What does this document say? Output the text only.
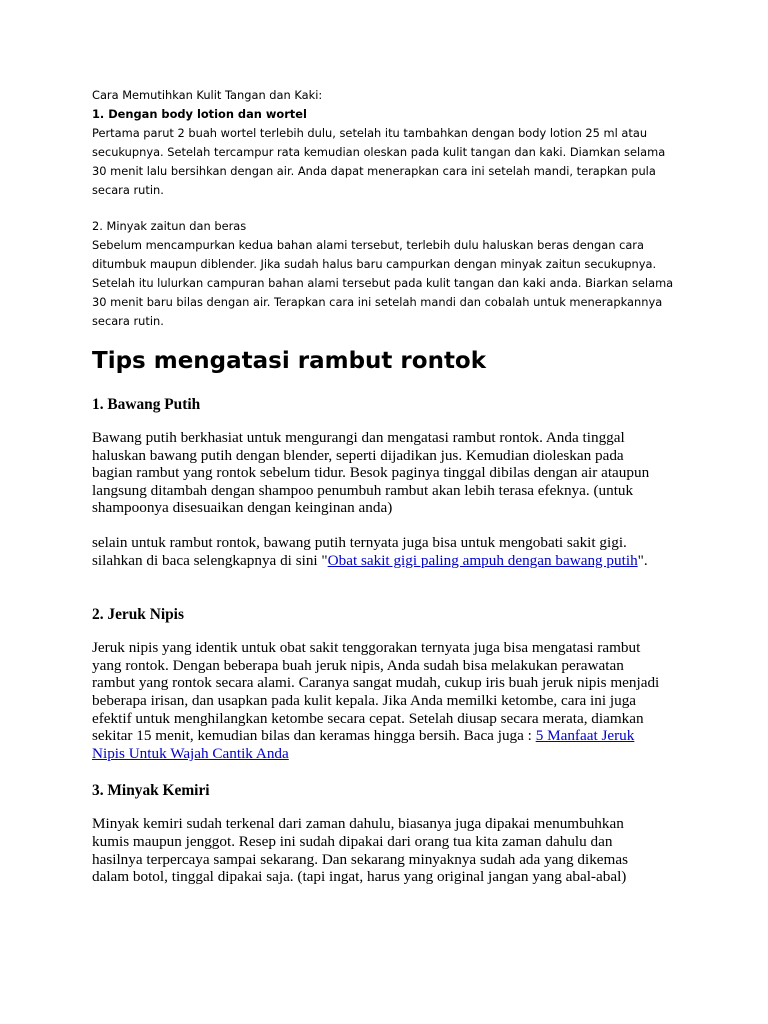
Cara Memutihkan Kulit Tangan dan Kaki:
1. Dengan body lotion dan wortel
Pertama parut 2 buah wortel terlebih dulu, setelah itu tambahkan dengan body lotion 25 ml atau
secukupnya. Setelah tercampur rata kemudian oleskan pada kulit tangan dan kaki. Diamkan selama
30 menit lalu bersihkan dengan air. Anda dapat menerapkan cara ini setelah mandi, terapkan pula
secara rutin.
2. Minyak zaitun dan beras
Sebelum mencampurkan kedua bahan alami tersebut, terlebih dulu haluskan beras dengan cara
ditumbuk maupun diblender. Jika sudah halus baru campurkan dengan minyak zaitun secukupnya.
Setelah itu lulurkan campuran bahan alami tersebut pada kulit tangan dan kaki anda. Biarkan selama
30 menit baru bilas dengan air. Terapkan cara ini setelah mandi dan cobalah untuk menerapkannya
secara rutin.
Tips mengatasi rambut rontok
1. Bawang Putih
Bawang putih berkhasiat untuk mengurangi dan mengatasi rambut rontok. Anda tinggal
haluskan bawang putih dengan blender, seperti dijadikan jus. Kemudian dioleskan pada
bagian rambut yang rontok sebelum tidur. Besok paginya tinggal dibilas dengan air ataupun
langsung ditambah dengan shampoo penumbuh rambut akan lebih terasa efeknya. (untuk
shampoonya disesuaikan dengan keinginan anda)
selain untuk rambut rontok, bawang putih ternyata juga bisa untuk mengobati sakit gigi.
silahkan di baca selengkapnya di sini "Obat sakit gigi paling ampuh dengan bawang putih".
2. Jeruk Nipis
Jeruk nipis yang identik untuk obat sakit tenggorakan ternyata juga bisa mengatasi rambut
yang rontok. Dengan beberapa buah jeruk nipis, Anda sudah bisa melakukan perawatan
rambut yang rontok secara alami. Caranya sangat mudah, cukup iris buah jeruk nipis menjadi
beberapa irisan, dan usapkan pada kulit kepala. Jika Anda memilki ketombe, cara ini juga
efektif untuk menghilangkan ketombe secara cepat. Setelah diusap secara merata, diamkan
sekitar 15 menit, kemudian bilas dan keramas hingga bersih. Baca juga : 5 Manfaat Jeruk
Nipis Untuk Wajah Cantik Anda
3. Minyak Kemiri
Minyak kemiri sudah terkenal dari zaman dahulu, biasanya juga dipakai menumbuhkan
kumis maupun jenggot. Resep ini sudah dipakai dari orang tua kita zaman dahulu dan
hasilnya terpercaya sampai sekarang. Dan sekarang minyaknya sudah ada yang dikemas
dalam botol, tinggal dipakai saja. (tapi ingat, harus yang original jangan yang abal-abal)
